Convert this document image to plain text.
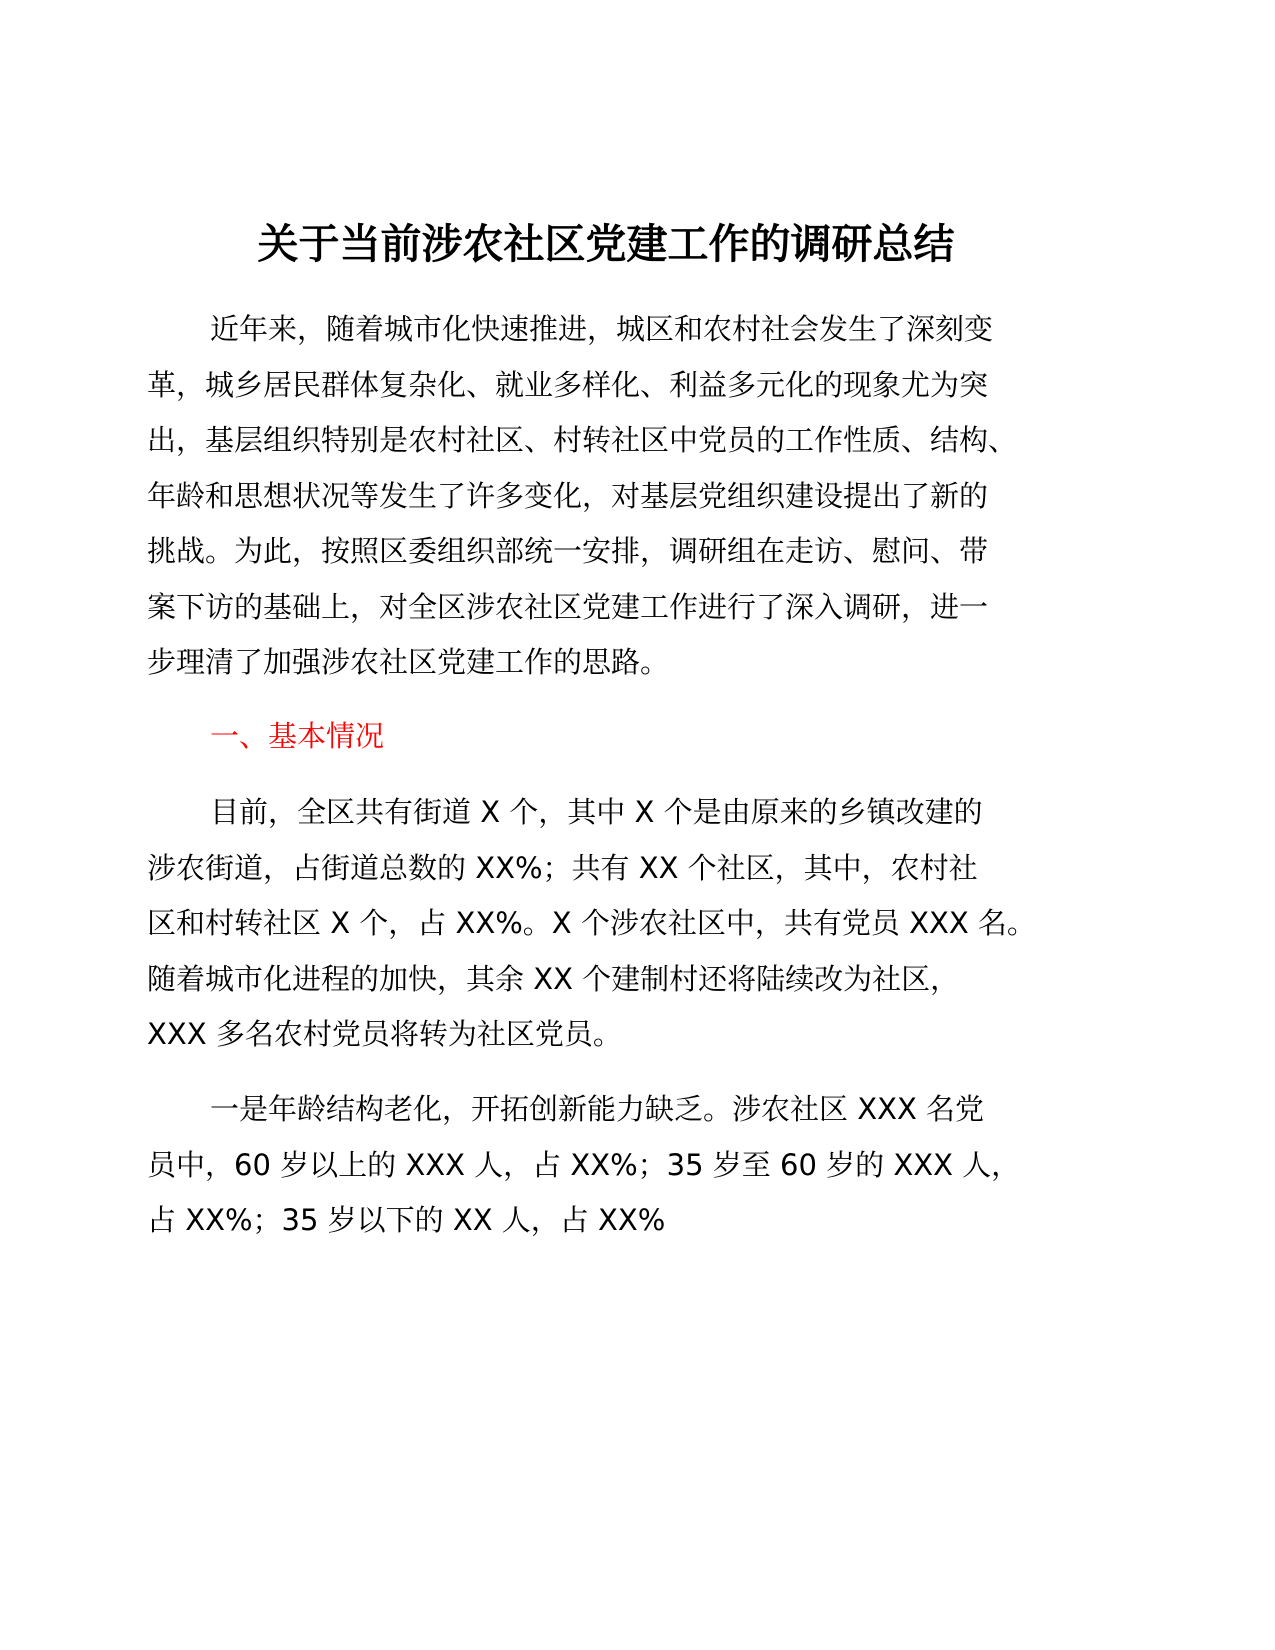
关于当前涉农社区党建工作的调研总结
近年来，随着城市化快速推进，城区和农村社会发生了深刻变
革，城乡居民群体复杂化、就业多样化、利益多元化的现象尤为突
出，基层组织特别是农村社区、村转社区中党员的工作性质、结构、
年龄和思想状况等发生了许多变化，对基层党组织建设提出了新的
挑战。为此，按照区委组织部统一安排，调研组在走访、慰问、带
案下访的基础上，对全区涉农社区党建工作进行了深入调研，进一
步理清了加强涉农社区党建工作的思路。
一、基本情况
目前，全区共有街道 X 个，其中 X 个是由原来的乡镇改建的
涉农街道，占街道总数的 XX%；共有 XX 个社区，其中，农村社
区和村转社区 X 个，占 XX%。X 个涉农社区中，共有党员 XXX 名。
随着城市化进程的加快，其余 XX 个建制村还将陆续改为社区，
XXX 多名农村党员将转为社区党员。
一是年龄结构老化，开拓创新能力缺乏。涉农社区 XXX 名党
员中，60 岁以上的 XXX 人，占 XX%；35 岁至 60 岁的 XXX 人，
占 XX%；35 岁以下的 XX 人，占 XX%
